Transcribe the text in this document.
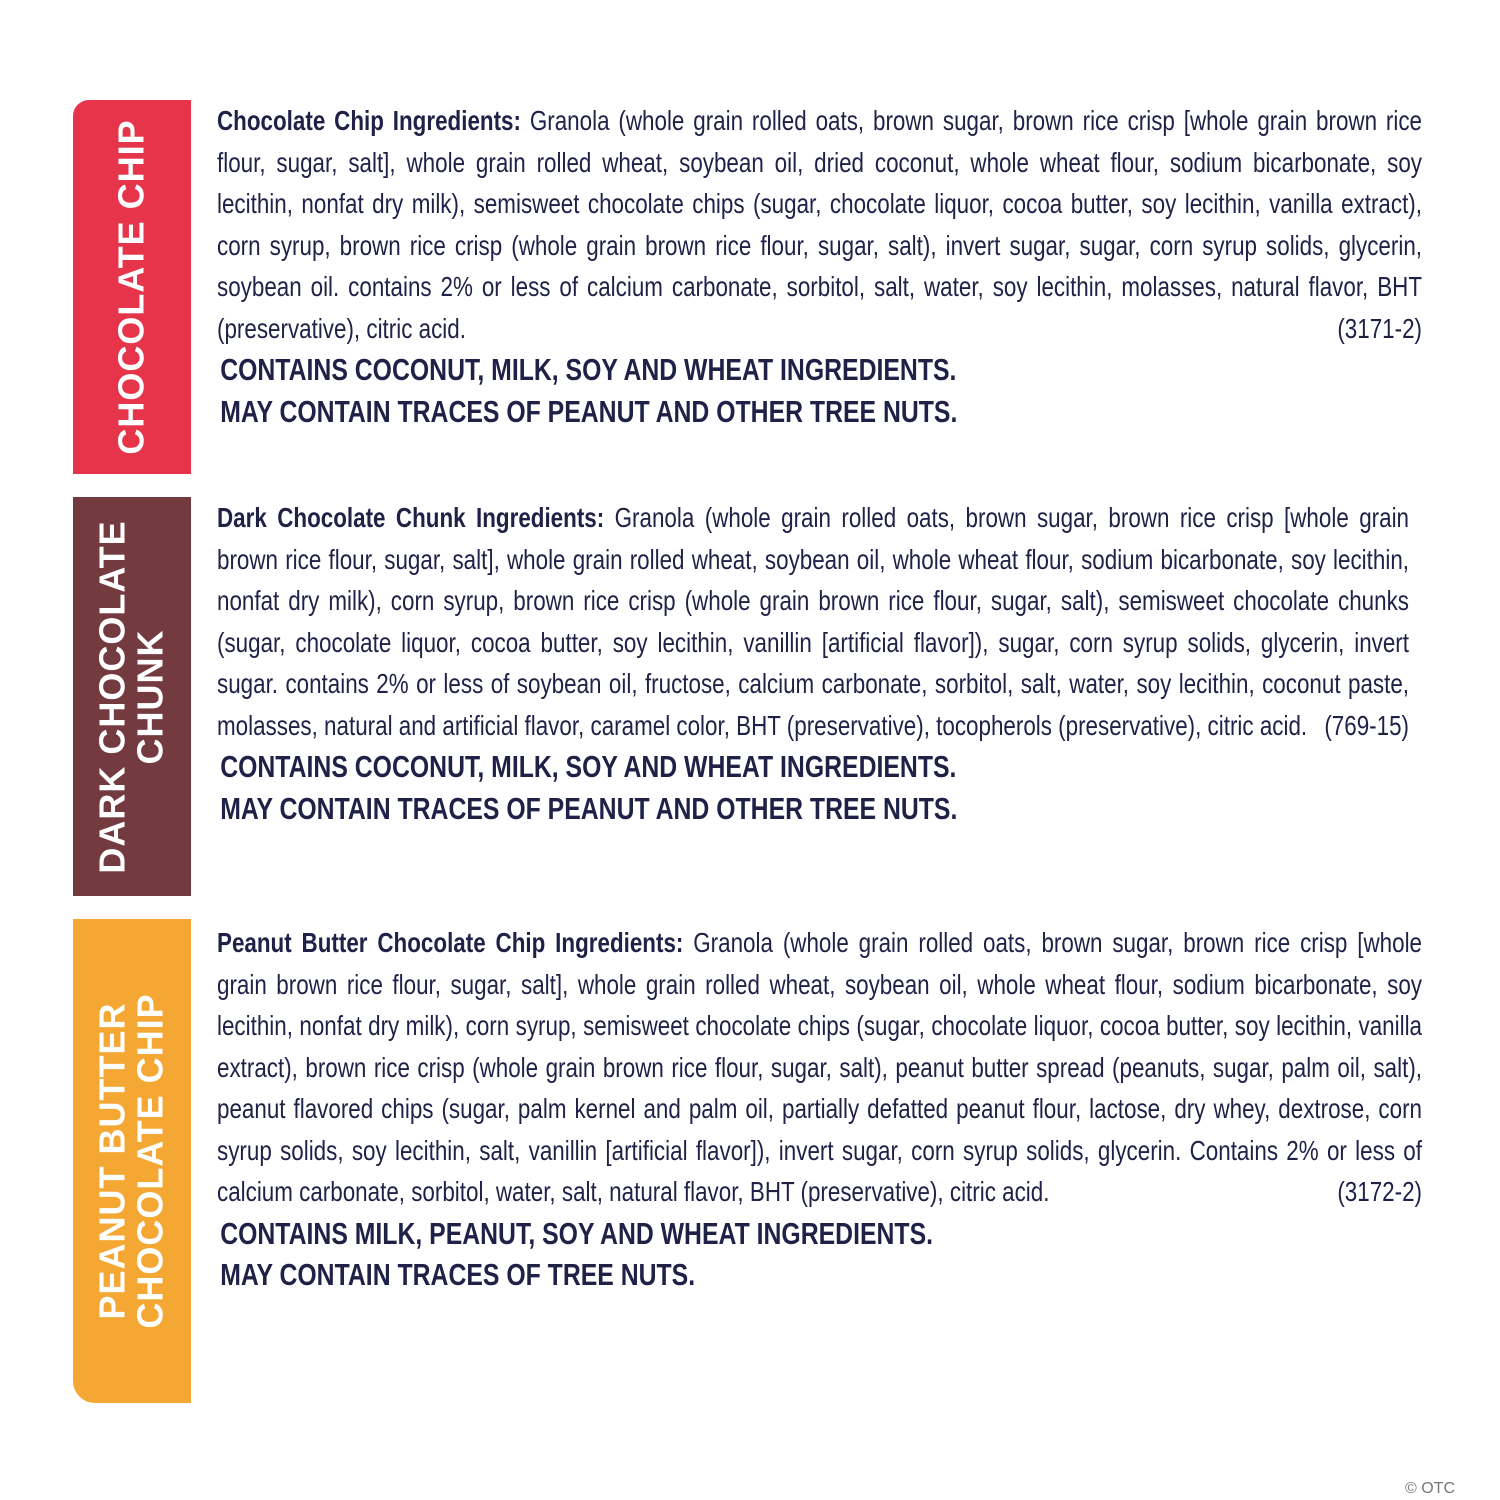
CHOCOLATE CHIP Chocolate Chip Ingredients: Granola (whole grain rolled oats, brown sugar, brown rice crisp [whole grain brown rice flour, sugar, salt], whole grain rolled wheat, soybean oil, dried coconut, whole wheat flour, sodium bicarbonate, soy lecithin, nonfat dry milk), semisweet chocolate chips (sugar, chocolate liquor, cocoa butter, soy lecithin, vanilla extract), corn syrup, brown rice crisp (whole grain brown rice flour, sugar, salt), invert sugar, sugar, corn syrup solids, glycerin, soybean oil. contains 2% or less of calcium carbonate, sorbitol, salt, water, soy lecithin, molasses, natural flavor, BHT (preservative), citric acid.	(3171-2)

CONTAINS COCONUT, MILK, SOY AND WHEAT INGREDIENTS.

MAY CONTAIN TRACES OF PEANUT AND OTHER TREE NUTS.

DARK CHOCOLATE
CHUNK

Dark Chocolate Chunk Ingredients: Granola (whole grain rolled oats, brown sugar, brown rice crisp [whole grain brown rice flour, sugar, salt], whole grain rolled wheat, soybean oil, whole wheat flour, sodium bicarbonate, soy lecithin, nonfat dry milk), corn syrup, brown rice crisp (whole grain brown rice flour, sugar, salt), semisweet chocolate chunks (sugar, chocolate liquor, cocoa butter, soy lecithin, vanillin [artificial flavor]), sugar, corn syrup solids, glycerin, invert sugar. contains 2% or less of soybean oil, fructose, calcium carbonate, sorbitol, salt, water, soy lecithin, coconut paste, molasses, natural and artificial flavor, caramel color, BHT (preservative), tocopherols (preservative), citric acid. (769-15)

CONTAINS COCONUT, MILK, SOY AND WHEAT INGREDIENTS.

MAY CONTAIN TRACES OF PEANUT AND OTHER TREE NUTS.

PEANUT BUTTER
CHOCOLATE CHIP

Peanut Butter Chocolate Chip Ingredients: Granola (whole grain rolled oats, brown sugar, brown rice crisp [whole grain brown rice flour, sugar, salt], whole grain rolled wheat, soybean oil, whole wheat flour, sodium bicarbonate, soy lecithin, nonfat dry milk), corn syrup, semisweet chocolate chips (sugar, chocolate liquor, cocoa butter, soy lecithin, vanilla extract), brown rice crisp (whole grain brown rice flour, sugar, salt), peanut butter spread (peanuts, sugar, palm oil, salt), peanut flavored chips (sugar, palm kernel and palm oil, partially defatted peanut flour, lactose, dry whey, dextrose, corn syrup solids, soy lecithin, salt, vanillin [artificial flavor]), invert sugar, corn syrup solids, glycerin. Contains 2% or less of calcium carbonate, sorbitol, water, salt, natural flavor, BHT (preservative), citric acid.	(3172-2)

CONTAINS MILK, PEANUT, SOY AND WHEAT INGREDIENTS.

MAY CONTAIN TRACES OF TREE NUTS.

© OTC
